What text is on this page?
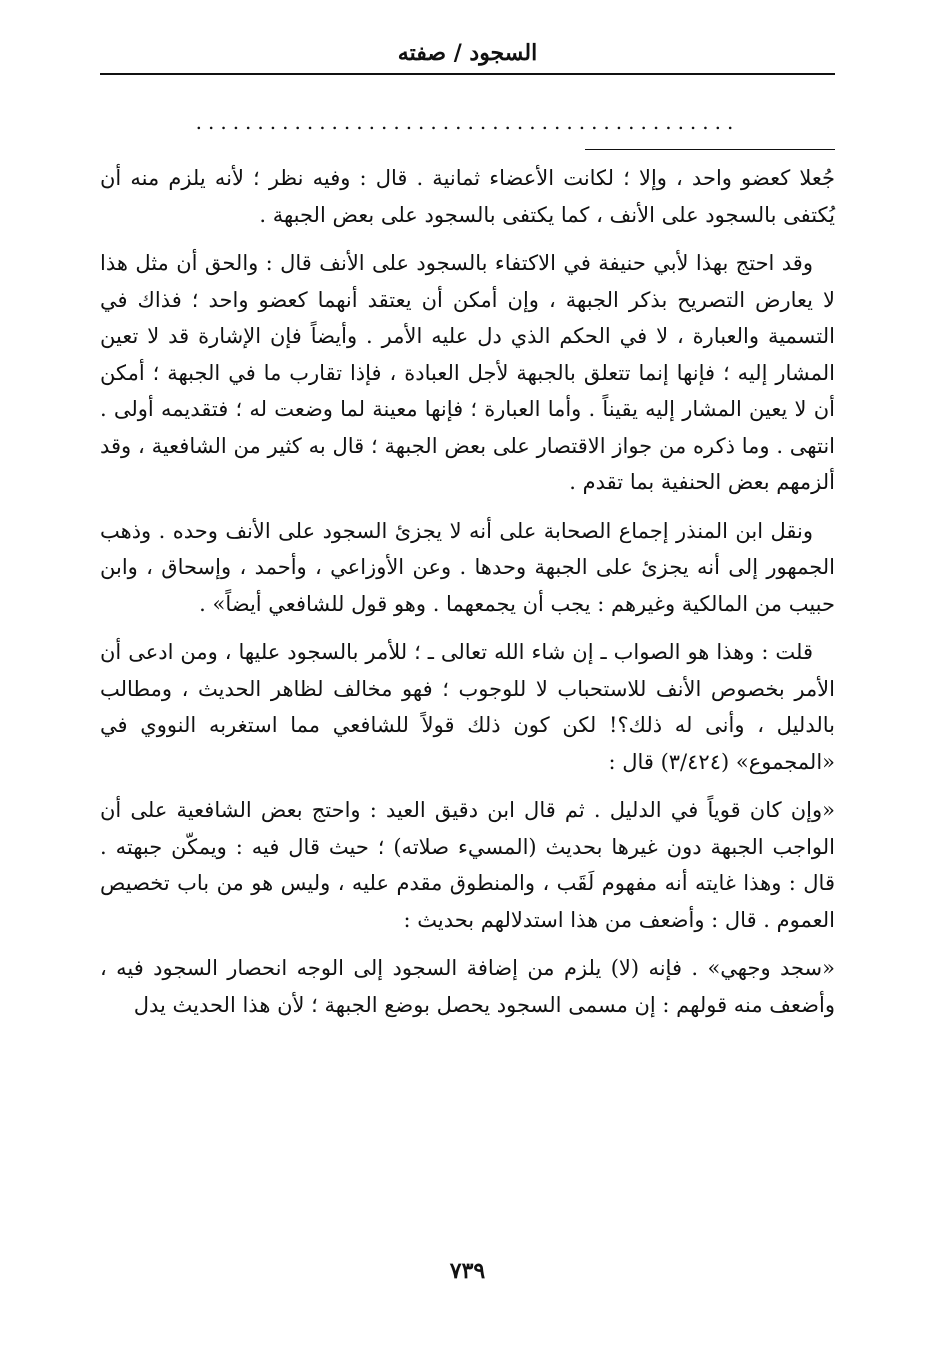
السجود / صفته
............................................

جُعلا كعضو واحد ، وإلا ؛ لكانت الأعضاء ثمانية . قال : وفيه نظر ؛ لأنه يلزم منه أن يُكتفى بالسجود على الأنف ، كما يكتفى بالسجود على بعض الجبهة .

وقد احتج بهذا لأبي حنيفة في الاكتفاء بالسجود على الأنف قال : والحق أن مثل هذا لا يعارض التصريح بذكر الجبهة ، وإن أمكن أن يعتقد أنهما كعضو واحد ؛ فذاك في التسمية والعبارة ، لا في الحكم الذي دل عليه الأمر . وأيضاً فإن الإشارة قد لا تعين المشار إليه ؛ فإنها إنما تتعلق بالجبهة لأجل العبادة ، فإذا تقارب ما في الجبهة ؛ أمكن أن لا يعين المشار إليه يقيناً . وأما العبارة ؛ فإنها معينة لما وضعت له ؛ فتقديمه أولى . انتهى . وما ذكره من جواز الاقتصار على بعض الجبهة ؛ قال به كثير من الشافعية ، وقد ألزمهم بعض الحنفية بما تقدم .

ونقل ابن المنذر إجماع الصحابة على أنه لا يجزئ السجود على الأنف وحده . وذهب الجمهور إلى أنه يجزئ على الجبهة وحدها . وعن الأوزاعي ، وأحمد ، وإسحاق ، وابن حبيب من المالكية وغيرهم : يجب أن يجمعهما . وهو قول للشافعي أيضاً» .

قلت : وهذا هو الصواب ـ إن شاء الله تعالى ـ ؛ للأمر بالسجود عليها ، ومن ادعى أن الأمر بخصوص الأنف للاستحباب لا للوجوب ؛ فهو مخالف لظاهر الحديث ، ومطالب بالدليل ، وأنى له ذلك؟! لكن كون ذلك قولاً للشافعي مما استغربه النووي في «المجموع» (٣/٤٢٤) قال :

«وإن كان قوياً في الدليل . ثم قال ابن دقيق العيد : واحتج بعض الشافعية على أن الواجب الجبهة دون غيرها بحديث (المسيء صلاته) ؛ حيث قال فيه : ويمكّن جبهته . قال : وهذا غايته أنه مفهوم لَقَب ، والمنطوق مقدم عليه ، وليس هو من باب تخصيص العموم . قال : وأضعف من هذا استدلالهم بحديث :

«سجد وجهي» . فإنه (لا) يلزم من إضافة السجود إلى الوجه انحصار السجود فيه ، وأضعف منه قولهم : إن مسمى السجود يحصل بوضع الجبهة ؛ لأن هذا الحديث يدل

٧٣٩
